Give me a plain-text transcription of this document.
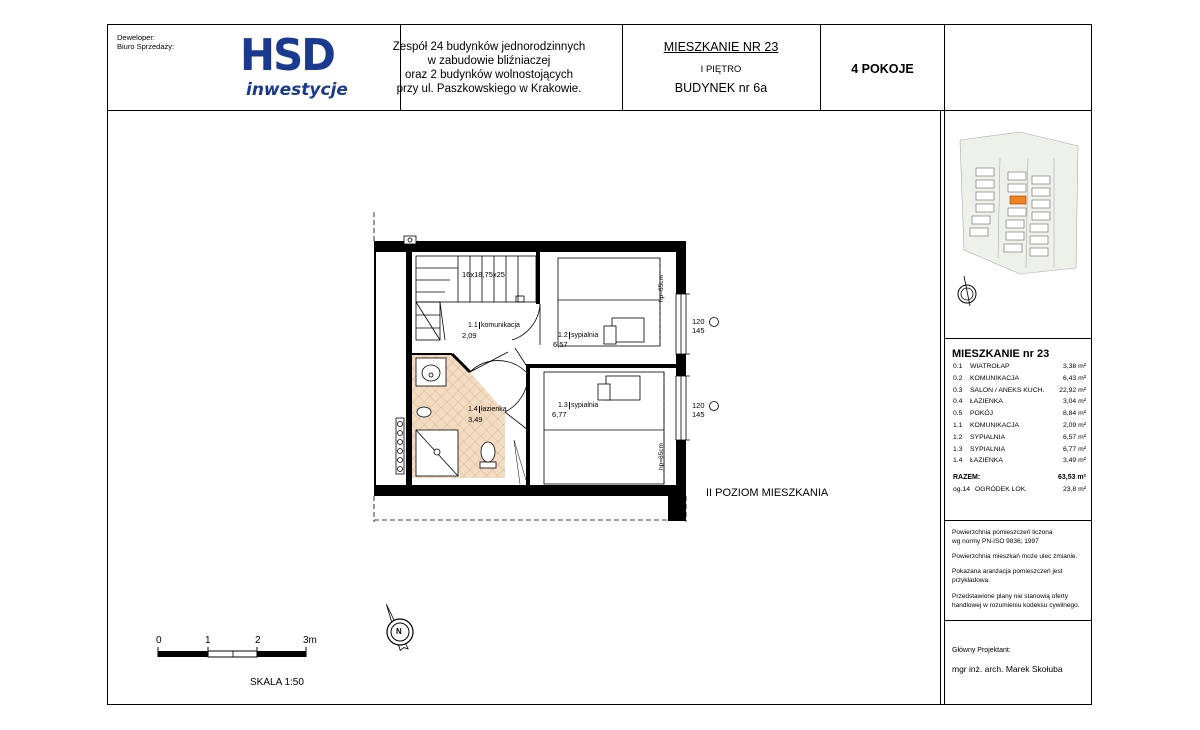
Deweloper:
Biuro Sprzedaży: HSD
inwestycje
Zespół 24 budynków jednorodzinnych
w zabudowie bliźniaczej
oraz 2 budynków wolnostojących
przy ul. Paszkowskiego w Krakowie.
MIESZKANIE NR 23
I PIĘTRO
BUDYNEK nr 6a
4 POKOJE
16x18,75x25
1.1 komunikacja
2,09	1.2 sypialnia
6,57
1.3 sypialnia
6,77
1.4 łazienka
3,49
hp=65cm
hp=65cm
120
145
120
145
II POZIOM MIESZKANIA
0	1	2	3m
SKALA 1:50
N
MIESZKANIE nr 23
0.1 WIATROŁAP	3,38 m²
0.2 KOMUNIKACJA	6,43 m²
0.3 SALON / ANEKS KUCH. 22,92 m²
0.4 ŁAZIENKA	3,04 m²
0.5 POKÓJ	8,84 m²
1.1 KOMUNIKACJA	2,09 m²
1.2 SYPIALNIA	6,57 m²
1.3 SYPIALNIA	6,77 m²
1.4 ŁAZIENKA	3,49 m²
RAZEM:	63,53 m²
og.14 OGRÓDEK LOK.	23,8 m²
Powierzchnia pomieszczeń liczona
wg normy PN-ISO 9836; 1997
Powierzchnia mieszkań może ulec zmianie.
Pokazana aranżacja pomieszczeń jest
przykładowa.
Przedstawione plany nie stanowią oferty
handlowej w rozumieniu kodeksu cywilnego.
Główny Projektant:
mgr inż. arch. Marek Skołuba
